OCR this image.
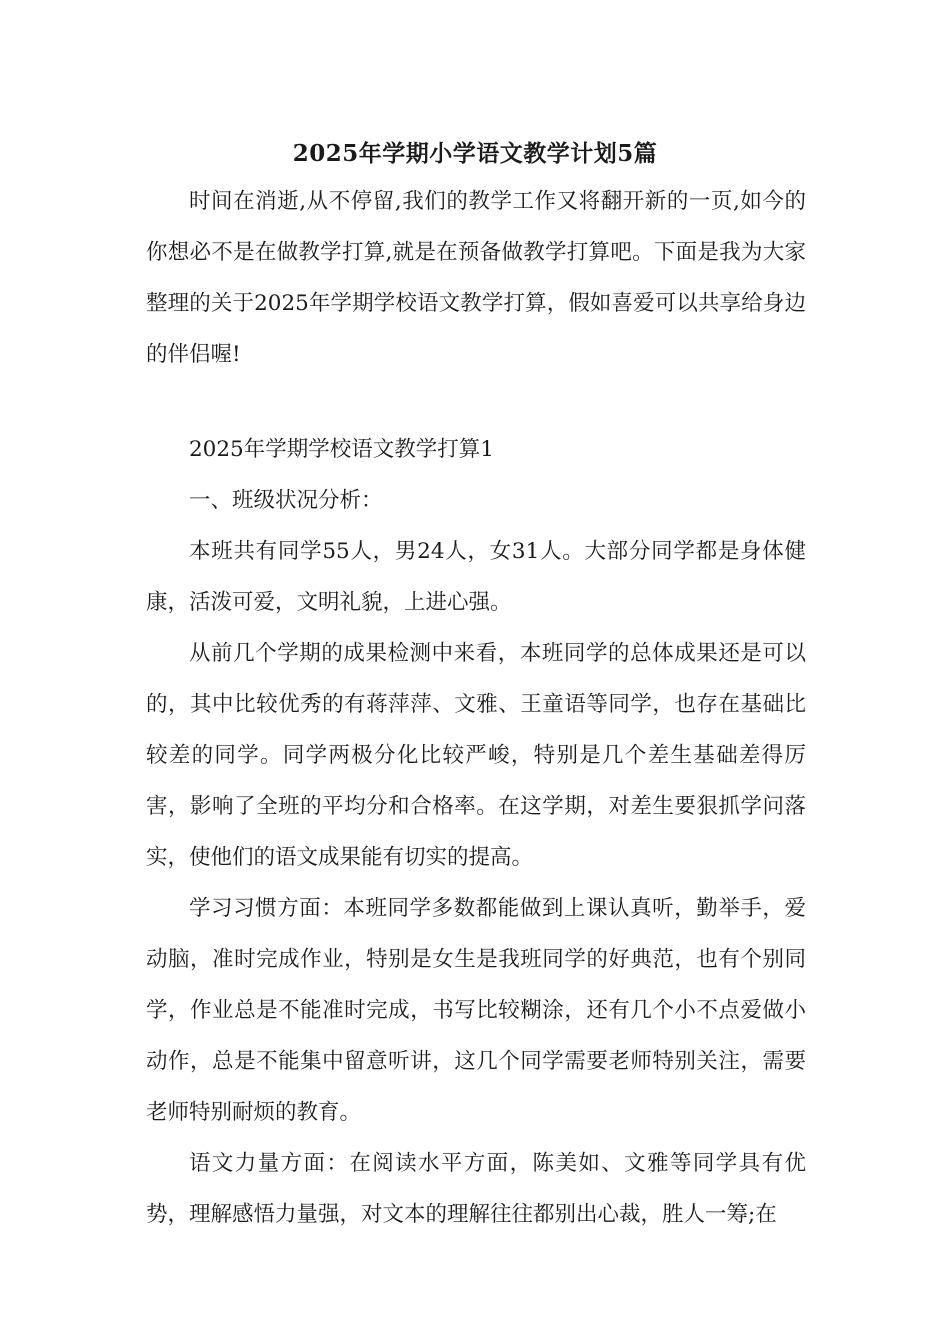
2025年学期小学语文教学计划5篇

时间在消逝,从不停留,我们的教学工作又将翻开新的一页,如今的你想必不是在做教学打算,就是在预备做教学打算吧。下面是我为大家整理的关于2025年学期学校语文教学打算，假如喜爱可以共享给身边的伴侣喔!

2025年学期学校语文教学打算1

一、班级状况分析：

本班共有同学55人，男24人，女31人。大部分同学都是身体健康，活泼可爱，文明礼貌，上进心强。

从前几个学期的成果检测中来看，本班同学的总体成果还是可以的，其中比较优秀的有蒋萍萍、文雅、王童语等同学，也存在基础比较差的同学。同学两极分化比较严峻，特别是几个差生基础差得厉害，影响了全班的平均分和合格率。在这学期，对差生要狠抓学问落实，使他们的语文成果能有切实的提高。

学习习惯方面：本班同学多数都能做到上课认真听，勤举手，爱动脑，准时完成作业，特别是女生是我班同学的好典范，也有个别同学，作业总是不能准时完成，书写比较糊涂，还有几个小不点爱做小动作，总是不能集中留意听讲，这几个同学需要老师特别关注，需要老师特别耐烦的教育。

语文力量方面：在阅读水平方面，陈美如、文雅等同学具有优势，理解感悟力量强，对文本的理解往往都别出心裁，胜人一筹;在
